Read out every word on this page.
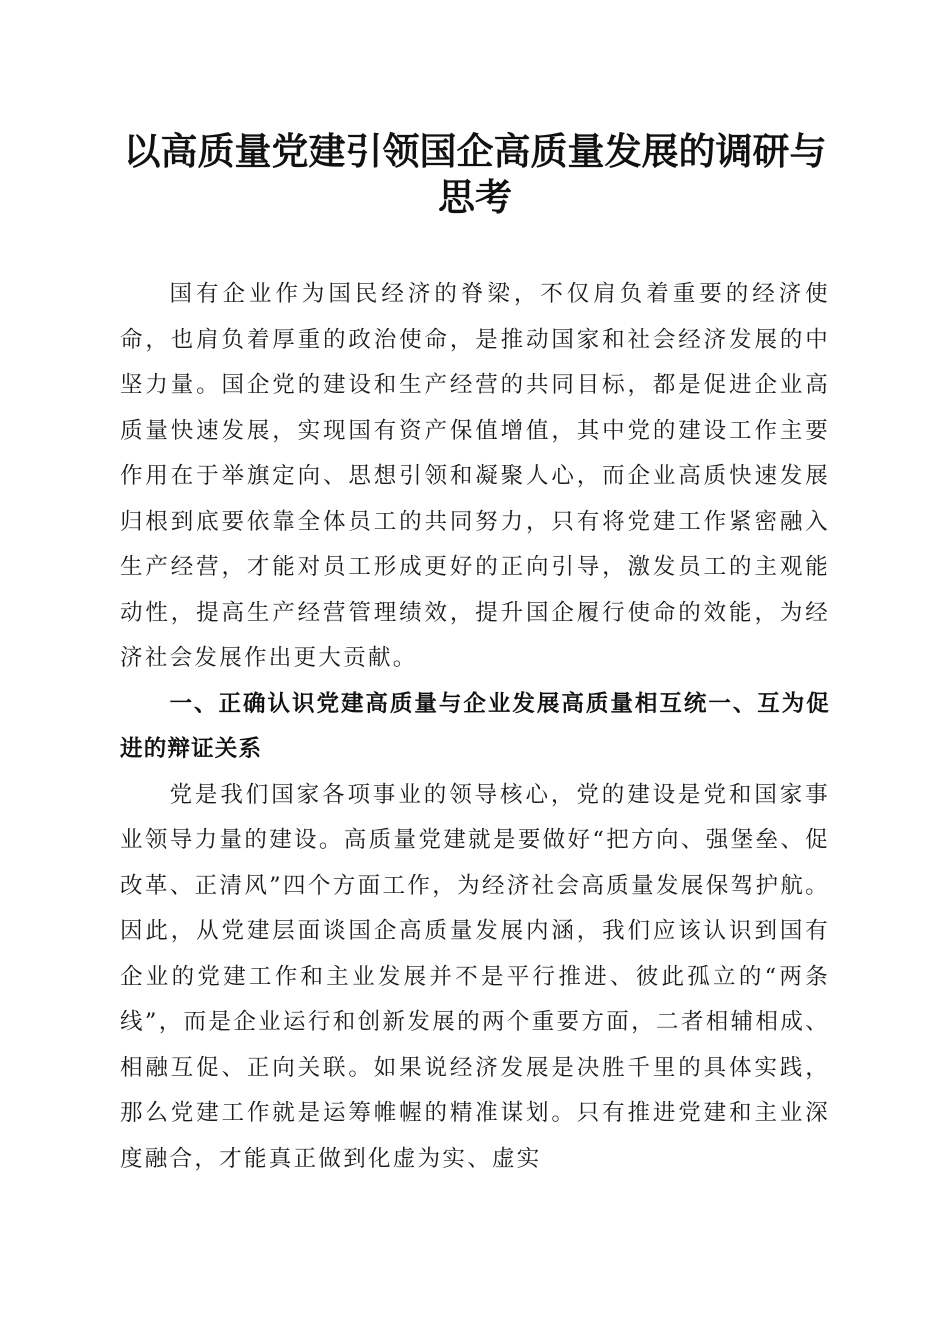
以高质量党建引领国企高质量发展的调研与思考

国有企业作为国民经济的脊梁，不仅肩负着重要的经济使命，也肩负着厚重的政治使命，是推动国家和社会经济发展的中坚力量。国企党的建设和生产经营的共同目标，都是促进企业高质量快速发展，实现国有资产保值增值，其中党的建设工作主要作用在于举旗定向、思想引领和凝聚人心，而企业高质快速发展归根到底要依靠全体员工的共同努力，只有将党建工作紧密融入生产经营，才能对员工形成更好的正向引导，激发员工的主观能动性，提高生产经营管理绩效，提升国企履行使命的效能，为经济社会发展作出更大贡献。

一、正确认识党建高质量与企业发展高质量相互统一、互为促进的辩证关系

党是我们国家各项事业的领导核心，党的建设是党和国家事业领导力量的建设。高质量党建就是要做好“把方向、强堡垒、促改革、正清风”四个方面工作，为经济社会高质量发展保驾护航。因此，从党建层面谈国企高质量发展内涵，我们应该认识到国有企业的党建工作和主业发展并不是平行推进、彼此孤立的“两条线”，而是企业运行和创新发展的两个重要方面，二者相辅相成、相融互促、正向关联。如果说经济发展是决胜千里的具体实践，那么党建工作就是运筹帷幄的精准谋划。只有推进党建和主业深度融合，才能真正做到化虚为实、虚实
